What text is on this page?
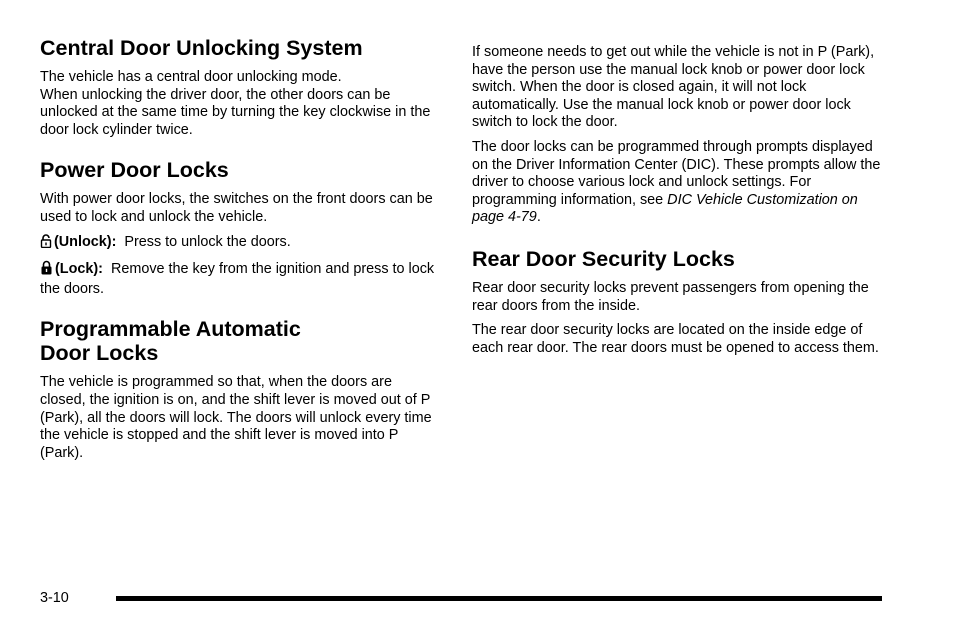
Central Door Unlocking System

The vehicle has a central door unlocking mode.
When unlocking the driver door, the other doors can be unlocked at the same time by turning the key clockwise in the door lock cylinder twice.

Power Door Locks

With power door locks, the switches on the front doors can be used to lock and unlock the vehicle.

(Unlock): Press to unlock the doors.

(Lock): Remove the key from the ignition and press to lock the doors.

Programmable Automatic
Door Locks

The vehicle is programmed so that, when the doors are closed, the ignition is on, and the shift lever is moved out of P (Park), all the doors will lock. The doors will unlock every time the vehicle is stopped and the shift lever is moved into P (Park).

If someone needs to get out while the vehicle is not in P (Park), have the person use the manual lock knob or power door lock switch. When the door is closed again, it will not lock automatically. Use the manual lock knob or power door lock switch to lock the door.

The door locks can be programmed through prompts displayed on the Driver Information Center (DIC). These prompts allow the driver to choose various lock and unlock settings. For programming information, see DIC Vehicle Customization on page 4-79.

Rear Door Security Locks

Rear door security locks prevent passengers from opening the rear doors from the inside.

The rear door security locks are located on the inside edge of each rear door. The rear doors must be opened to access them.

3-10
